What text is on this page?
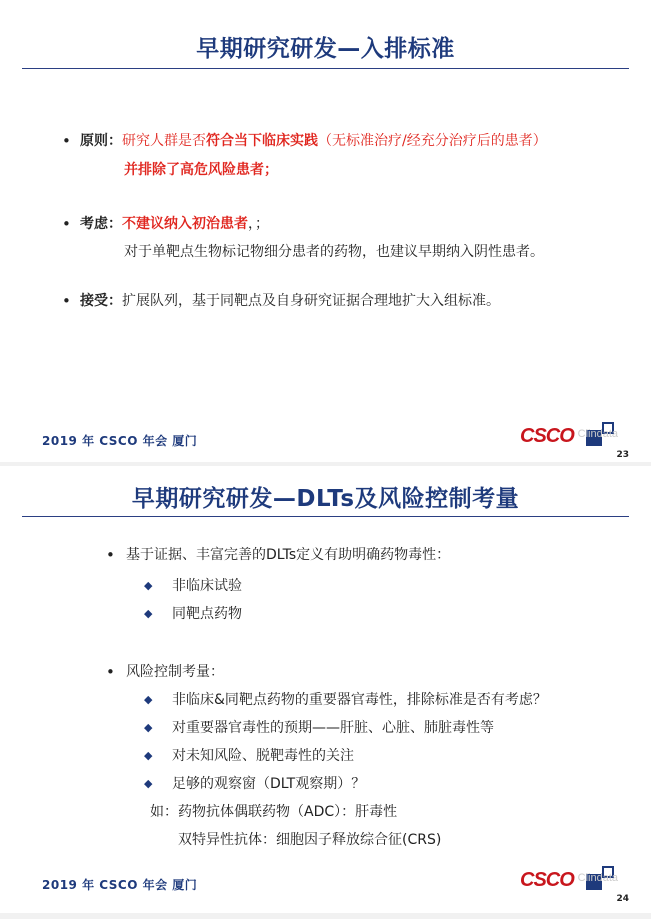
早期研究研发—入排标准
• 原则：研究人群是否符合当下临床实践（无标准治疗/经充分治疗后的患者）
并排除了高危风险患者；
• 考虑：不建议纳入初治患者，；
对于单靶点生物标记物细分患者的药物，也建议早期纳入阴性患者。
• 接受：扩展队列，基于同靶点及自身研究证据合理地扩大入组标准。
2019 年 CSCO 年会 厦门	CSCO Clindata
23
早期研究研发—DLTs及风险控制考量
• 基于证据、丰富完善的DLTs定义有助明确药物毒性：
◆ 非临床试验
◆ 同靶点药物
• 风险控制考量：
◆ 非临床&同靶点药物的重要器官毒性，排除标准是否有考虑？
◆ 对重要器官毒性的预期——肝脏、心脏、肺脏毒性等
◆ 对未知风险、脱靶毒性的关注
◆ 足够的观察窗（DLT观察期）？
如：药物抗体偶联药物（ADC）：肝毒性
双特异性抗体：细胞因子释放综合征(CRS)
2019 年 CSCO 年会 厦门	CSCO Clindata
24
